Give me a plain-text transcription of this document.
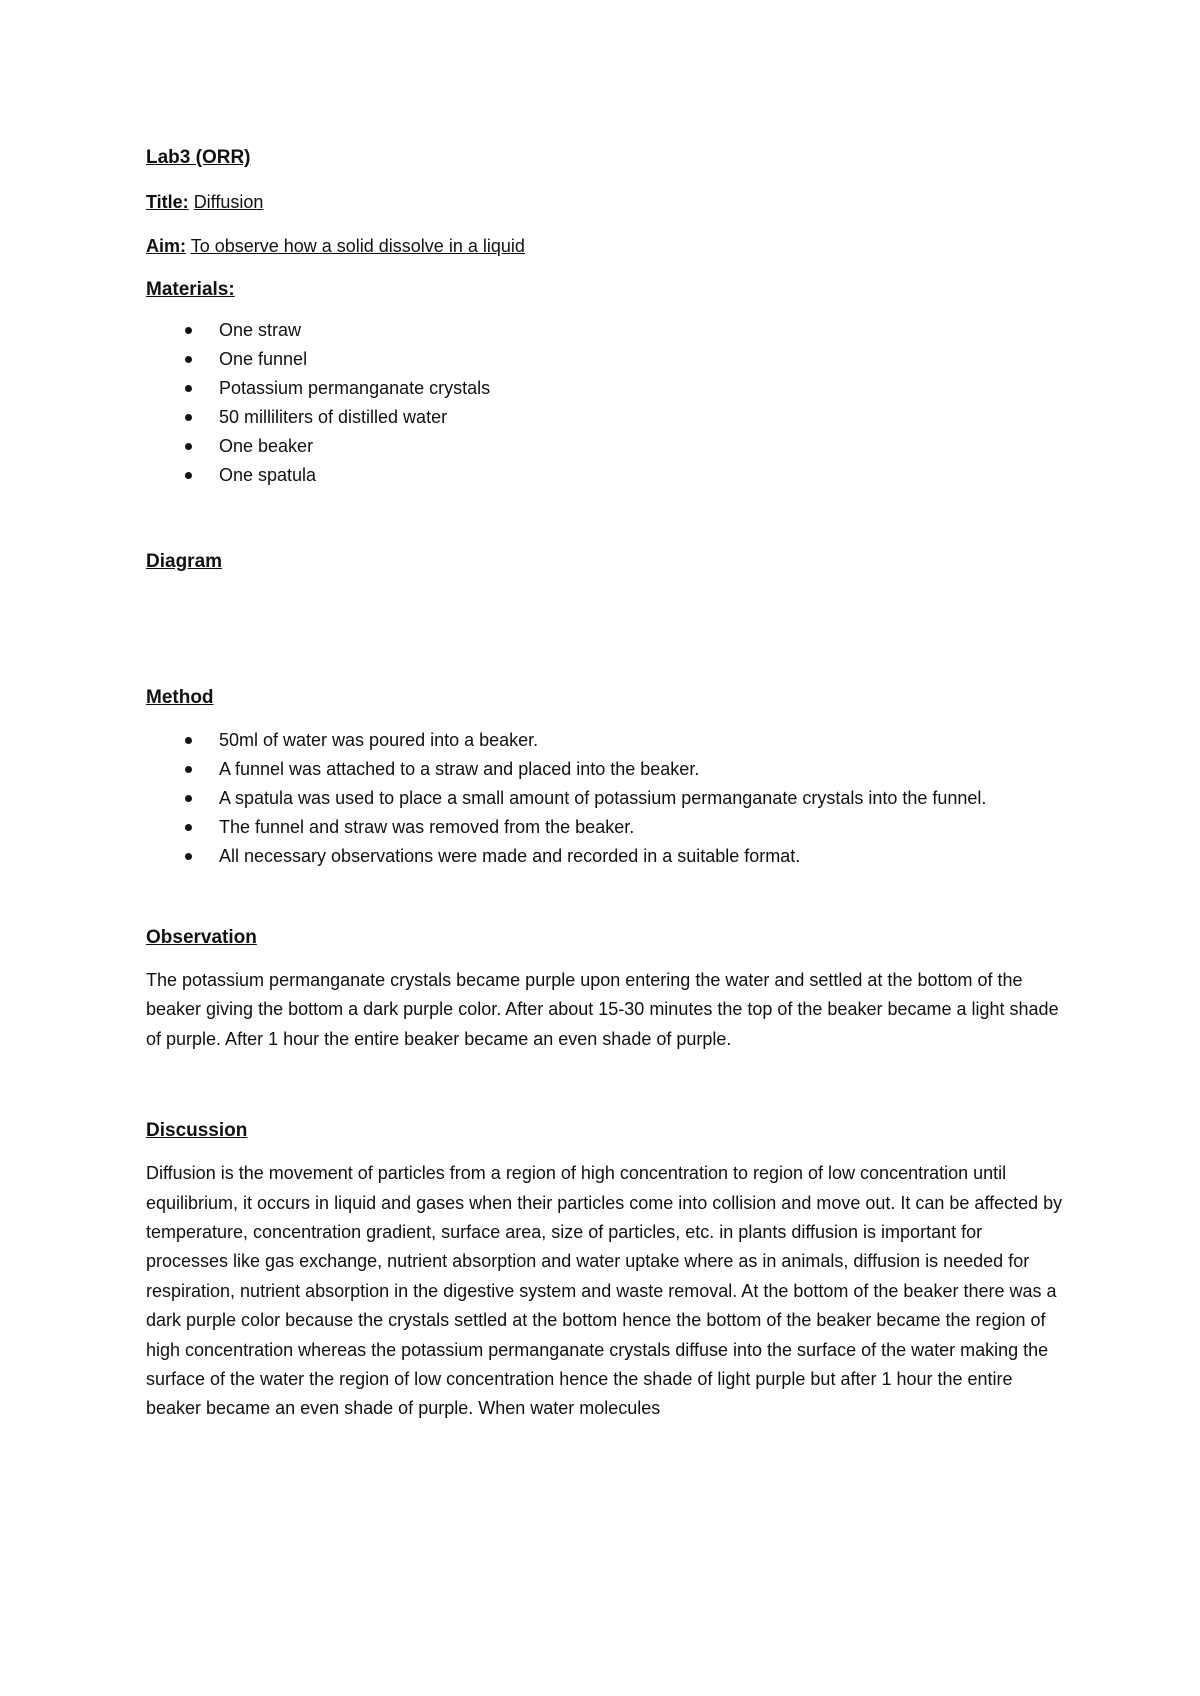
Lab3 (ORR)

Title: Diffusion

Aim: To observe how a solid dissolve in a liquid

Materials:

One straw
One funnel
Potassium permanganate crystals
50 milliliters of distilled water
One beaker
One spatula

Diagram

Method

50ml of water was poured into a beaker.
A funnel was attached to a straw and placed into the beaker.
A spatula was used to place a small amount of potassium permanganate crystals into the funnel.
The funnel and straw was removed from the beaker.
All necessary observations were made and recorded in a suitable format.

Observation

The potassium permanganate crystals became purple upon entering the water and settled at the bottom of the beaker giving the bottom a dark purple color. After about 15-30 minutes the top of the beaker became a light shade of purple. After 1 hour the entire beaker became an even shade of purple.

Discussion

Diffusion is the movement of particles from a region of high concentration to region of low concentration until equilibrium, it occurs in liquid and gases when their particles come into collision and move out. It can be affected by temperature, concentration gradient, surface area, size of particles, etc. in plants diffusion is important for processes like gas exchange, nutrient absorption and water uptake where as in animals, diffusion is needed for respiration, nutrient absorption in the digestive system and waste removal. At the bottom of the beaker there was a dark purple color because the crystals settled at the bottom hence the bottom of the beaker became the region of high concentration whereas the potassium permanganate crystals diffuse into the surface of the water making the surface of the water the region of low concentration hence the shade of light purple but after 1 hour the entire beaker became an even shade of purple. When water molecules
